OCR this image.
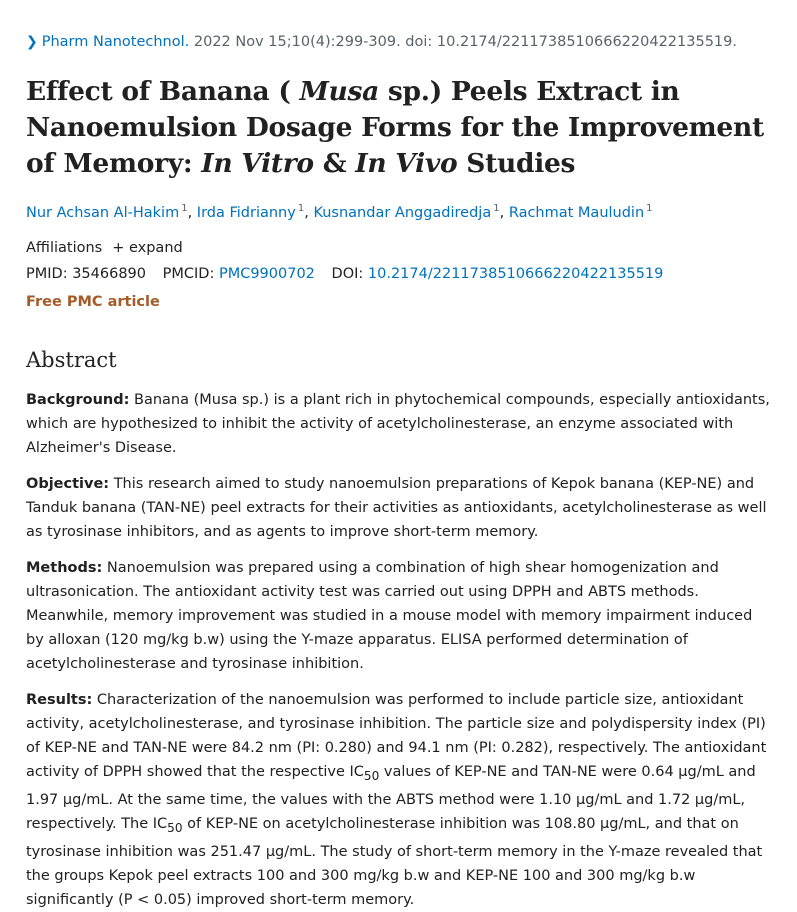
❯ Pharm Nanotechnol. 2022 Nov 15;10(4):299-309. doi: 10.2174/2211738510666220422135519.
Effect of Banana ( Musa sp.) Peels Extract in Nanoemulsion Dosage Forms for the Improvement of Memory: In Vitro & In Vivo Studies
Nur Achsan Al-Hakim $^1$, Irda Fidrianny $^1$, Kusnandar Anggadiredja $^1$, Rachmat Mauludin $^1$
Affiliations + expand
PMID: 35466890 PMCID: PMC9900702 DOI: 10.2174/2211738510666220422135519
Free PMC article
Abstract

Background: Banana (Musa sp.) is a plant rich in phytochemical compounds, especially antioxidants, which are hypothesized to inhibit the activity of acetylcholinesterase, an enzyme associated with Alzheimer's Disease.

Objective: This research aimed to study nanoemulsion preparations of Kepok banana (KEP-NE) and Tanduk banana (TAN-NE) peel extracts for their activities as antioxidants, acetylcholinesterase as well as tyrosinase inhibitors, and as agents to improve short-term memory.

Methods: Nanoemulsion was prepared using a combination of high shear homogenization and ultrasonication. The antioxidant activity test was carried out using DPPH and ABTS methods. Meanwhile, memory improvement was studied in a mouse model with memory impairment induced by alloxan (120 mg/kg b.w) using the Y-maze apparatus. ELISA performed determination of acetylcholinesterase and tyrosinase inhibition.

Results: Characterization of the nanoemulsion was performed to include particle size, antioxidant activity, acetylcholinesterase, and tyrosinase inhibition. The particle size and polydispersity index (PI) of KEP-NE and TAN-NE were 84.2 nm (PI: 0.280) and 94.1 nm (PI: 0.282), respectively. The antioxidant activity of DPPH showed that the respective $IC_{50}$ values of KEP-NE and TAN-NE were 0.64 μg/mL and 1.97 μg/mL. At the same time, the values with the ABTS method were 1.10 μg/mL and 1.72 μg/mL, respectively. The $IC_{50}$ of KEP-NE on acetylcholinesterase inhibition was 108.80 μg/mL, and that on tyrosinase inhibition was 251.47 μg/mL. The study of short-term memory in the Y-maze revealed that the groups Kepok peel extracts 100 and 300 mg/kg b.w and KEP-NE 100 and 300 mg/kg b.w significantly (P < 0.05) improved short-term memory.
